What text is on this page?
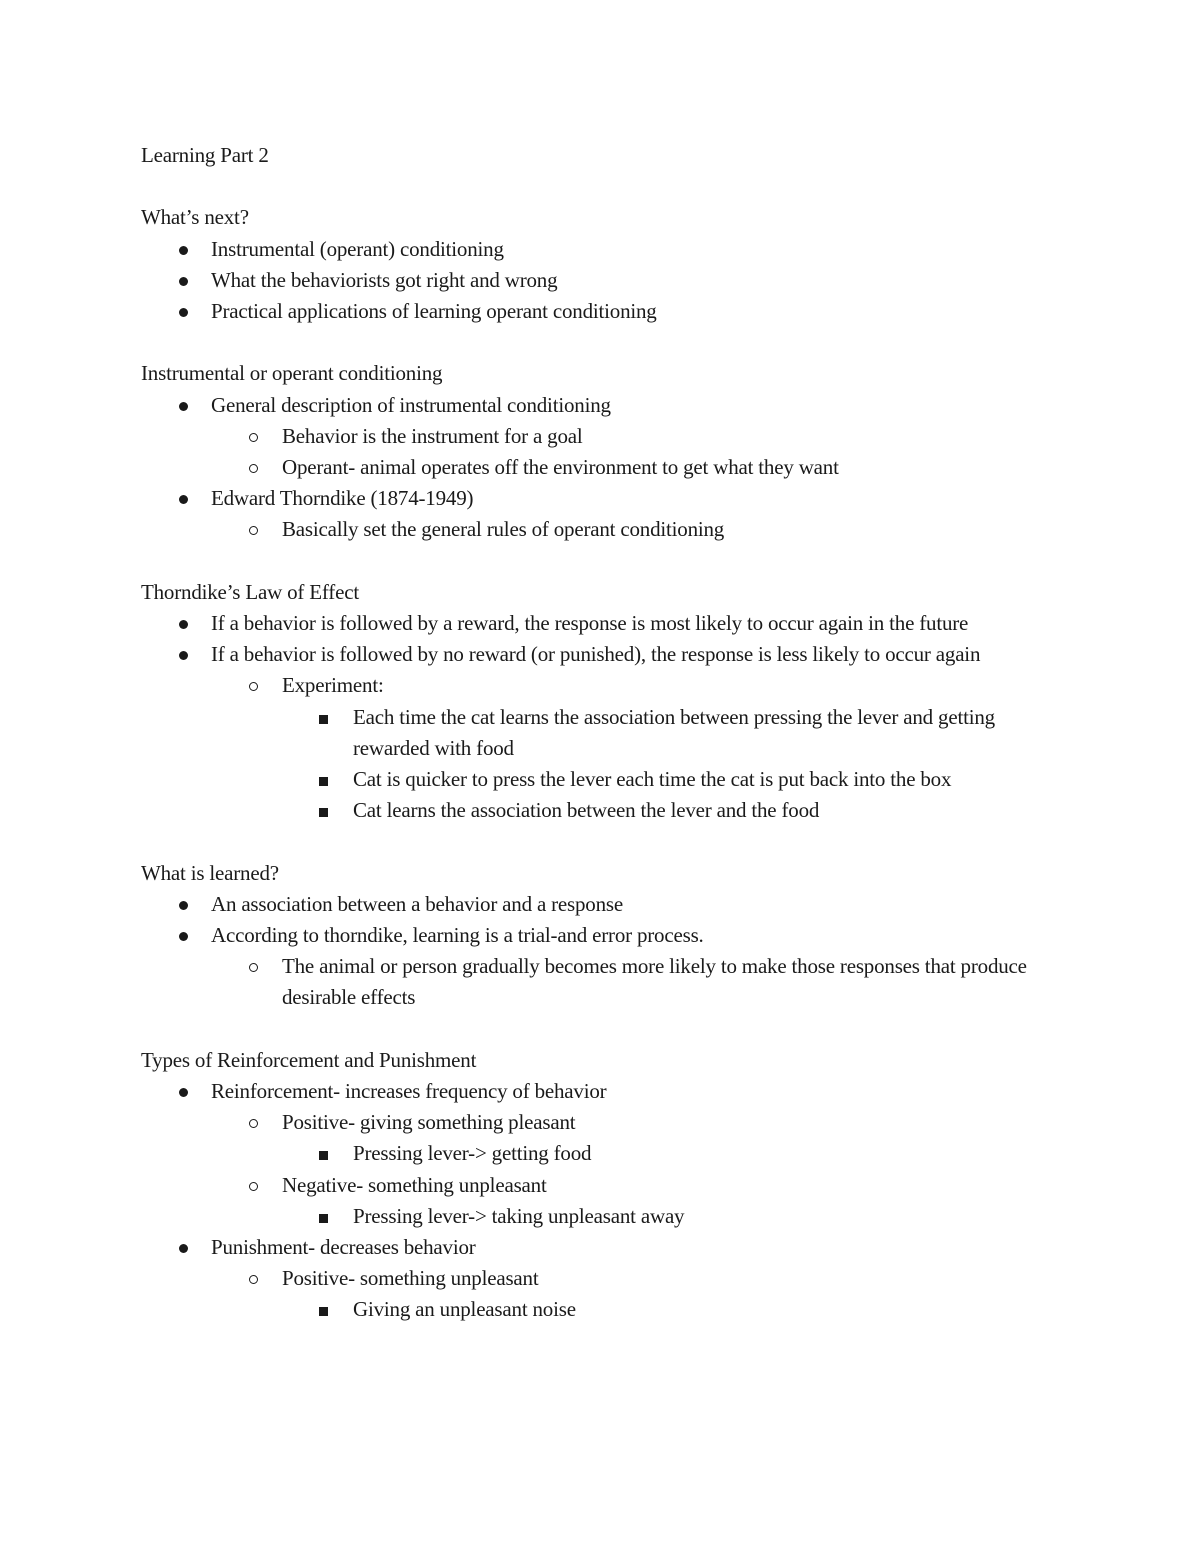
Learning Part 2

What’s next?

Instrumental (operant) conditioning
What the behaviorists got right and wrong
Practical applications of learning operant conditioning

Instrumental or operant conditioning

General description of instrumental conditioning
Behavior is the instrument for a goal
Operant- animal operates off the environment to get what they want
Edward Thorndike (1874-1949)
Basically set the general rules of operant conditioning

Thorndike’s Law of Effect

If a behavior is followed by a reward, the response is most likely to occur again in the future
If a behavior is followed by no reward (or punished), the response is less likely to occur again
Experiment:
Each time the cat learns the association between pressing the lever and getting rewarded with food
Cat is quicker to press the lever each time the cat is put back into the box
Cat learns the association between the lever and the food

What is learned?

An association between a behavior and a response
According to thorndike, learning is a trial-and error process.
The animal or person gradually becomes more likely to make those responses that produce desirable effects

Types of Reinforcement and Punishment

Reinforcement- increases frequency of behavior
Positive- giving something pleasant
Pressing lever-> getting food
Negative- something unpleasant
Pressing lever-> taking unpleasant away
Punishment- decreases behavior
Positive- something unpleasant
Giving an unpleasant noise
